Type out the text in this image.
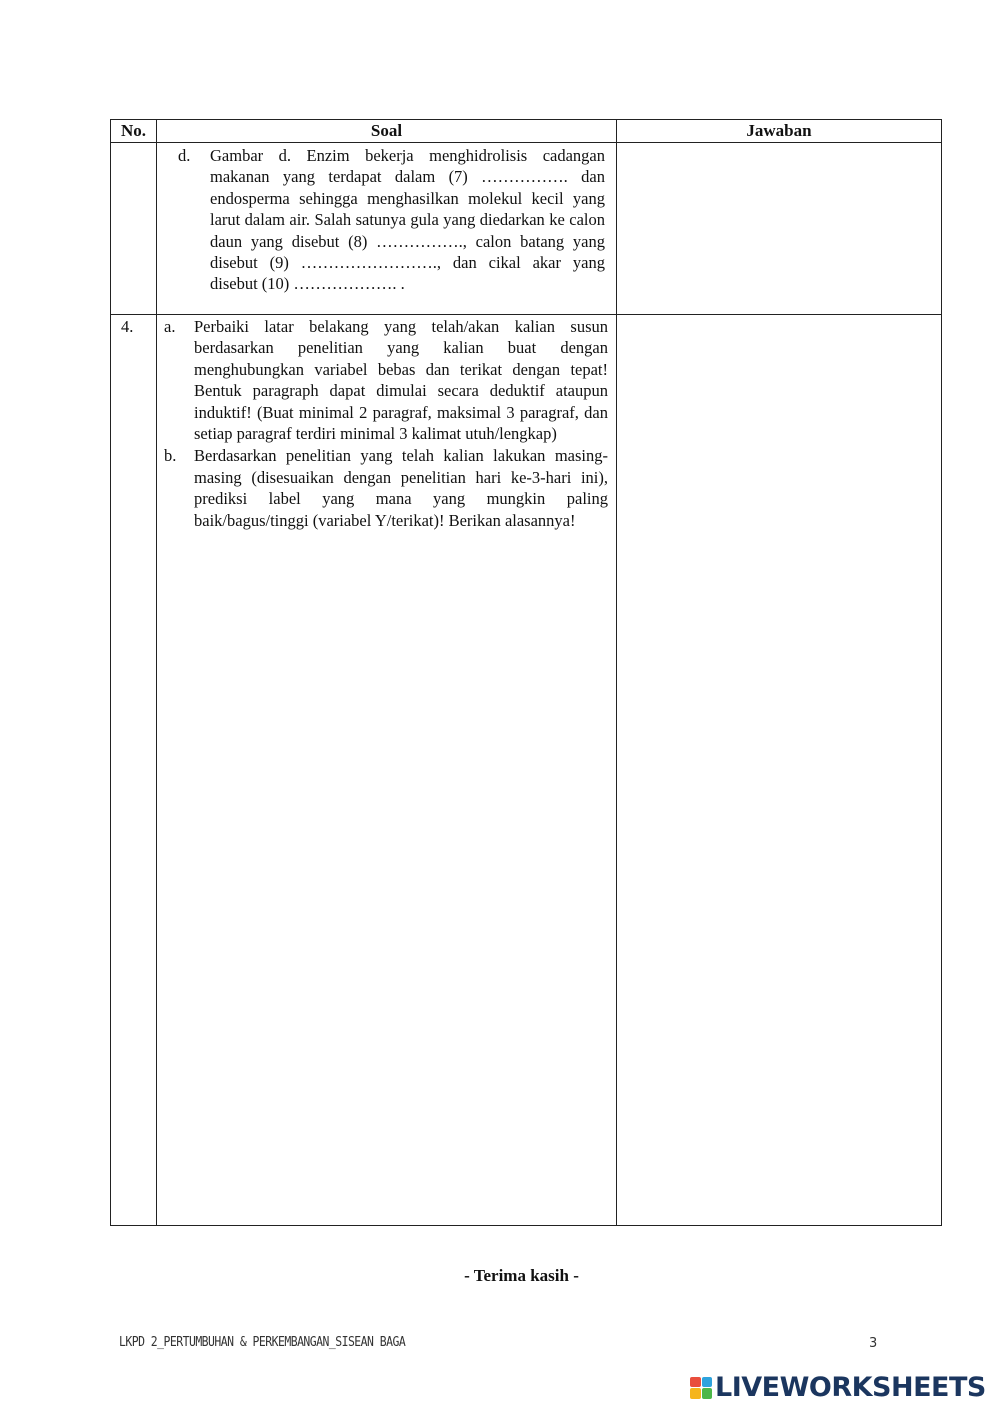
No.	Soal	Jawaban

	d. Gambar d. Enzim bekerja menghidrolisis cadangan makanan yang terdapat dalam (7) ……………. dan endosperma sehingga menghasilkan molekul kecil yang larut dalam air. Salah satunya gula yang diedarkan ke calon daun yang disebut (8) ……………., calon batang yang disebut (9) ……………………., dan cikal akar yang disebut (10) ………………. .	

4.	a. Perbaiki latar belakang yang telah/akan kalian susun berdasarkan penelitian yang kalian buat dengan menghubungkan variabel bebas dan terikat dengan tepat! Bentuk paragraph dapat dimulai secara deduktif ataupun induktif! (Buat minimal 2 paragraf, maksimal 3 paragraf, dan setiap paragraf terdiri minimal 3 kalimat utuh/lengkap)
b. Berdasarkan penelitian yang telah kalian lakukan masing-masing (disesuaikan dengan penelitian hari ke-3-hari ini), prediksi label yang mana yang mungkin paling baik/bagus/tinggi (variabel Y/terikat)! Berikan alasannya!	

- Terima kasih -
LKPD 2_PERTUMBUHAN & PERKEMBANGAN_SISEAN BAGA	3
LIVEWORKSHEETS
